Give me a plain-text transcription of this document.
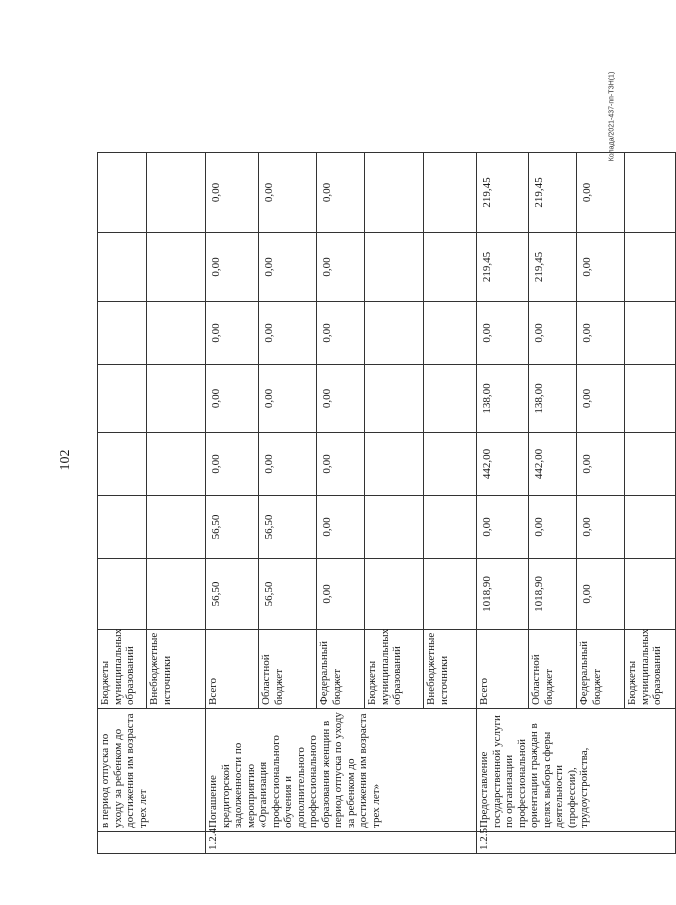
102
Колада/2021-437-пп-ТЗН(1)
	в период отпуска по уходу за ребенком до достижения им возраста трех лет	Бюджеты муниципальных образований							
		Внебюджетные источники							
1.2.4	Погашение кредиторской задолженности по мероприятию «Организация профессионального обучения и дополнительного профессионального образования женщин в период отпуска по уходу за ребенком до достижения им возраста трех лет»	Всего	56,50	56,50	0,00	0,00	0,00	0,00	0,00
		Областной бюджет	56,50	56,50	0,00	0,00	0,00	0,00	0,00
		Федеральный бюджет	0,00	0,00	0,00	0,00	0,00	0,00	0,00
		Бюджеты муниципальных образований							
		Внебюджетные источники							
1.2.5	Предоставление государственной услуги по организации профессиональной ориентации граждан в целях выбора сферы деятельности (профессии), трудоустройства,	Всего	1018,90	0,00	442,00	138,00	0,00	219,45	219,45
		Областной бюджет	1018,90	0,00	442,00	138,00	0,00	219,45	219,45
		Федеральный бюджет	0,00	0,00	0,00	0,00	0,00	0,00	0,00
		Бюджеты муниципальных образований							
